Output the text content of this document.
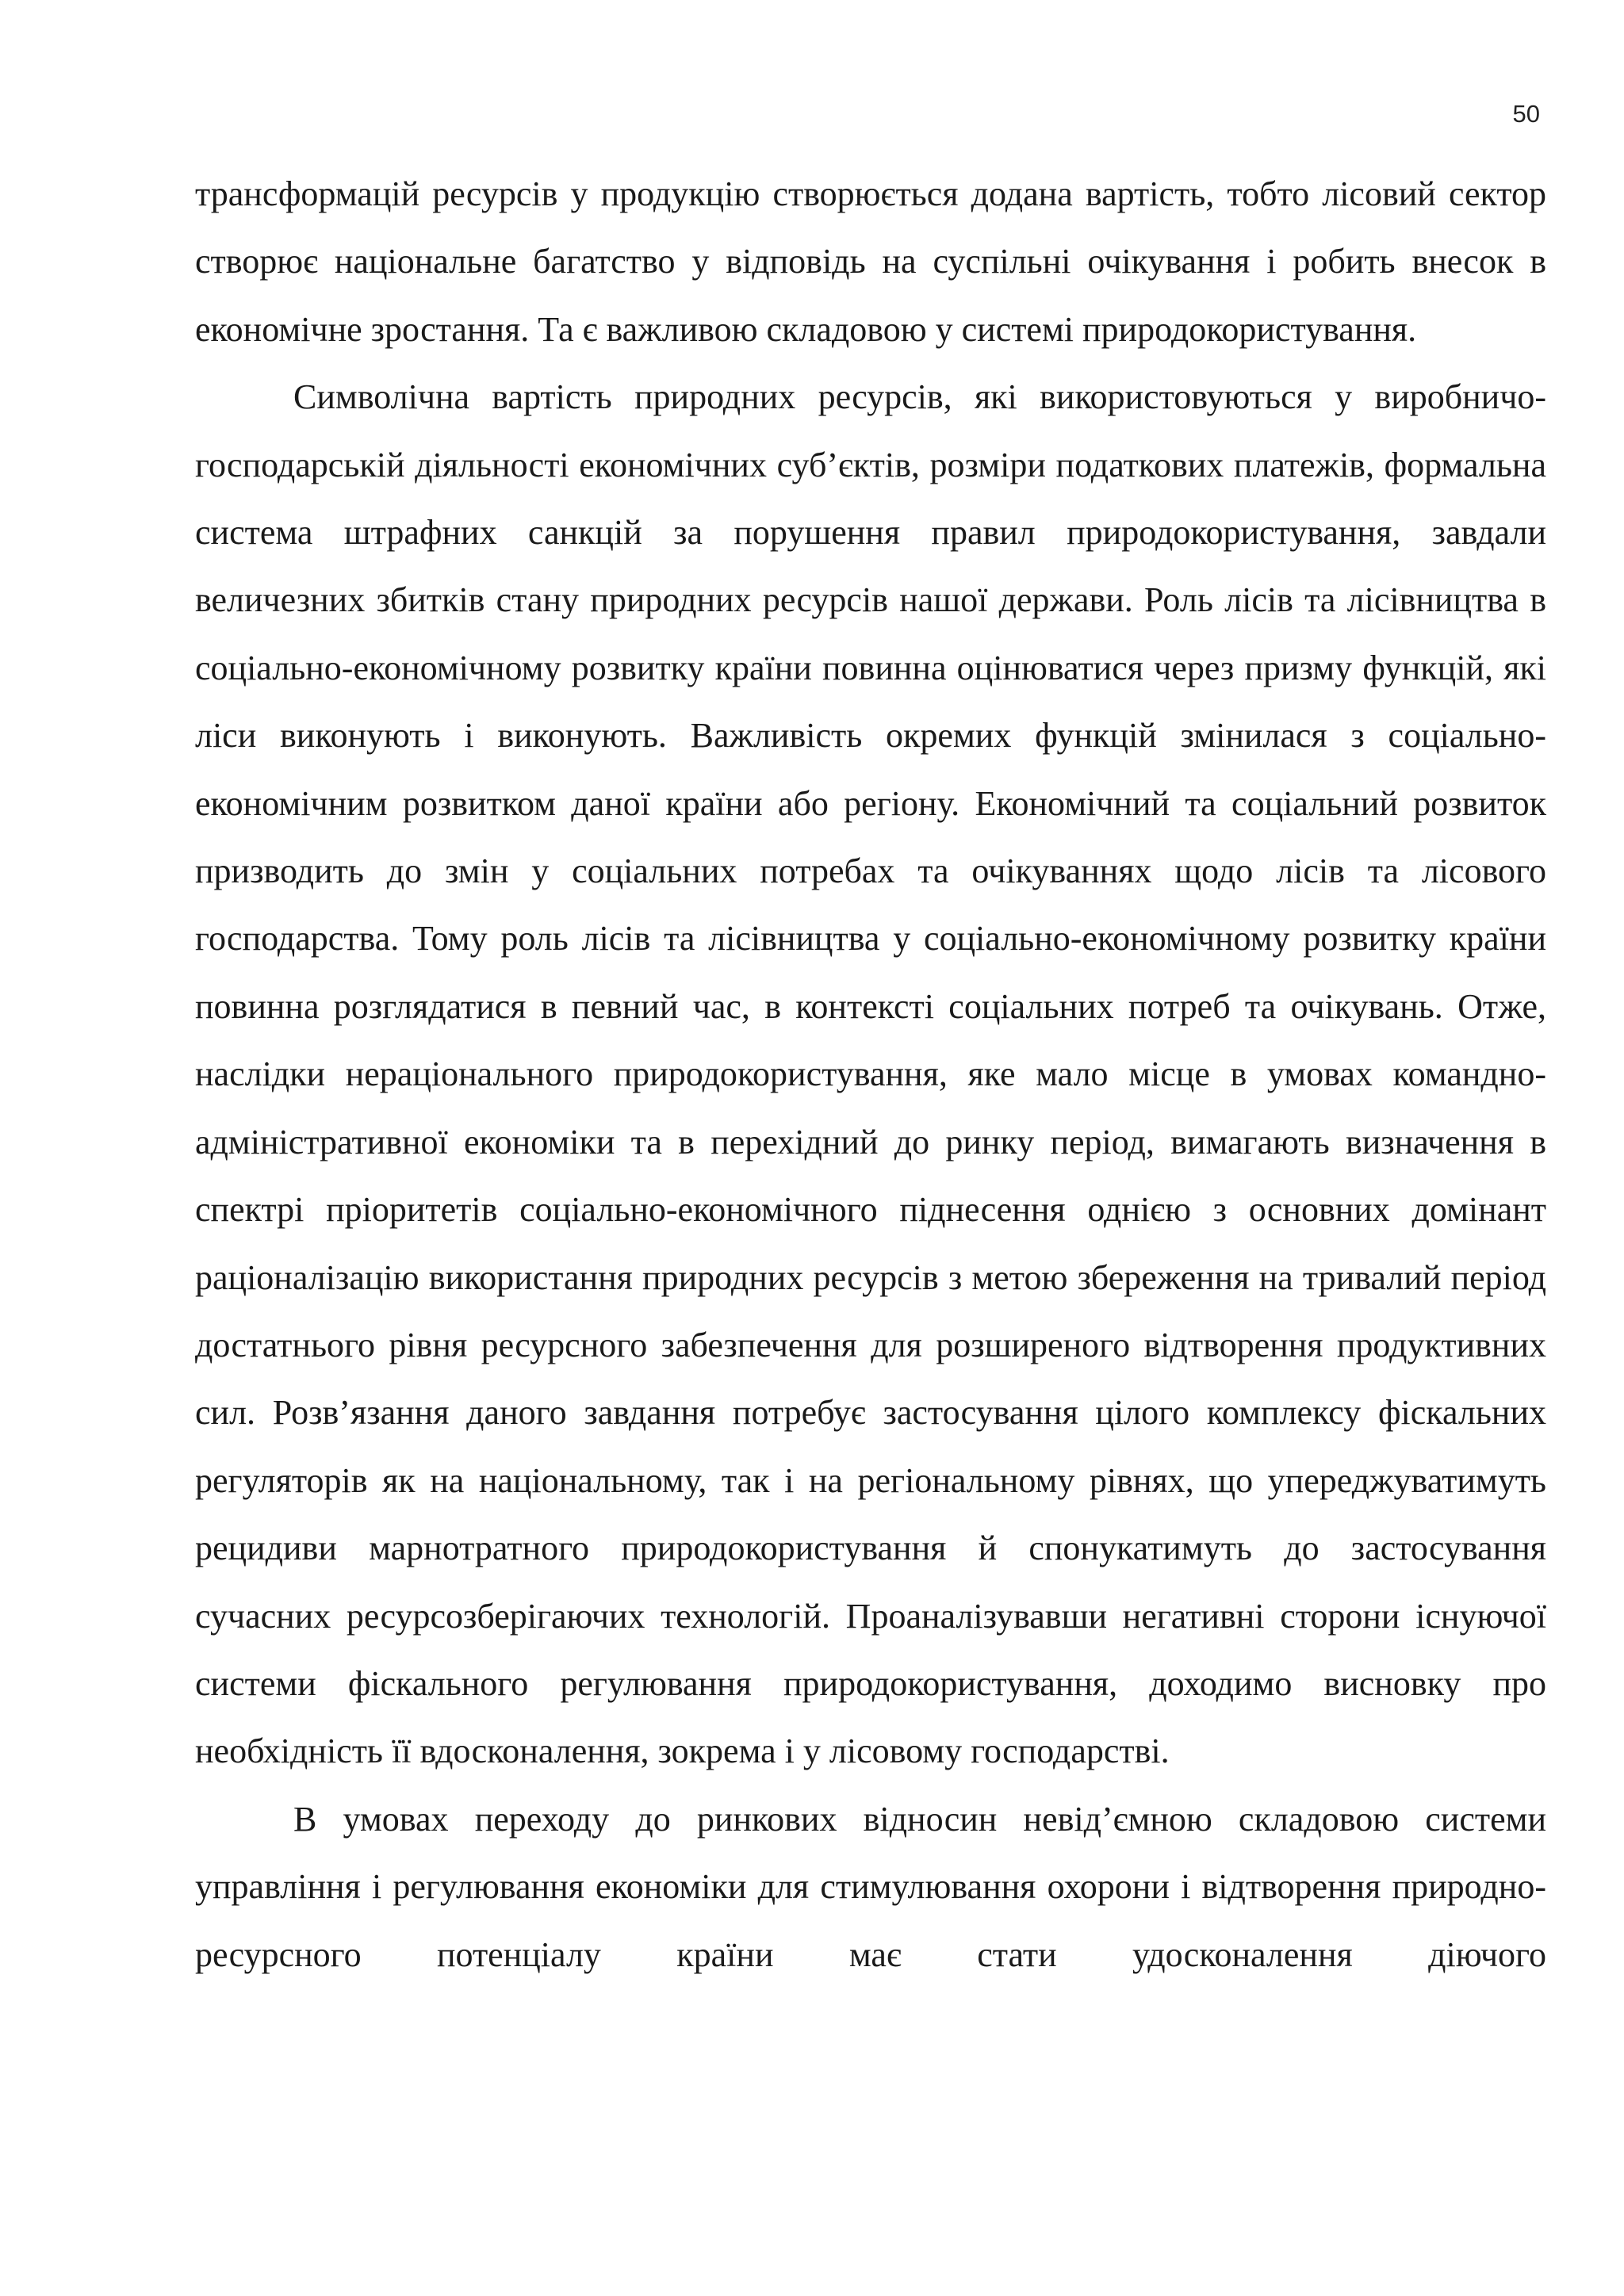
50

трансформацій ресурсів у продукцію створюється додана вартість, тобто лісовий сектор створює національне багатство у відповідь на суспільні очікування і робить внесок в економічне зростання. Та є важливою складовою у системі природокористування.

Символічна вартість природних ресурсів, які використовуються у виробничо-господарській діяльності економічних суб’єктів, розміри податкових платежів, формальна система штрафних санкцій за порушення правил природокористування, завдали величезних збитків стану природних ресурсів нашої держави. Роль лісів та лісівництва в соціально-економічному розвитку країни повинна оцінюватися через призму функцій, які ліси виконують і виконують. Важливість окремих функцій змінилася з соціально-економічним розвитком даної країни або регіону. Економічний та соціальний розвиток призводить до змін у соціальних потребах та очікуваннях щодо лісів та лісового господарства. Тому роль лісів та лісівництва у соціально-економічному розвитку країни повинна розглядатися в певний час, в контексті соціальних потреб та очікувань. Отже, наслідки нераціонального природокористування, яке мало місце в умовах командно-адміністративної економіки та в перехідний до ринку період, вимагають визначення в спектрі пріоритетів соціально-економічного піднесення однією з основних домінант раціоналізацію використання природних ресурсів з метою збереження на тривалий період достатнього рівня ресурсного забезпечення для розширеного відтворення продуктивних сил. Розв’язання даного завдання потребує застосування цілого комплексу фіскальних регуляторів як на національному, так і на регіональному рівнях, що упереджуватимуть рецидиви марнотратного природокористування й спонукатимуть до застосування сучасних ресурсозберігаючих технологій. Проаналізувавши негативні сторони існуючої системи фіскального регулювання природокористування, доходимо висновку про необхідність її вдосконалення, зокрема і у лісовому господарстві.

В умовах переходу до ринкових відносин невід’ємною складовою системи управління і регулювання економіки для стимулювання охорони і відтворення природно-ресурсного потенціалу країни має стати удосконалення діючого
